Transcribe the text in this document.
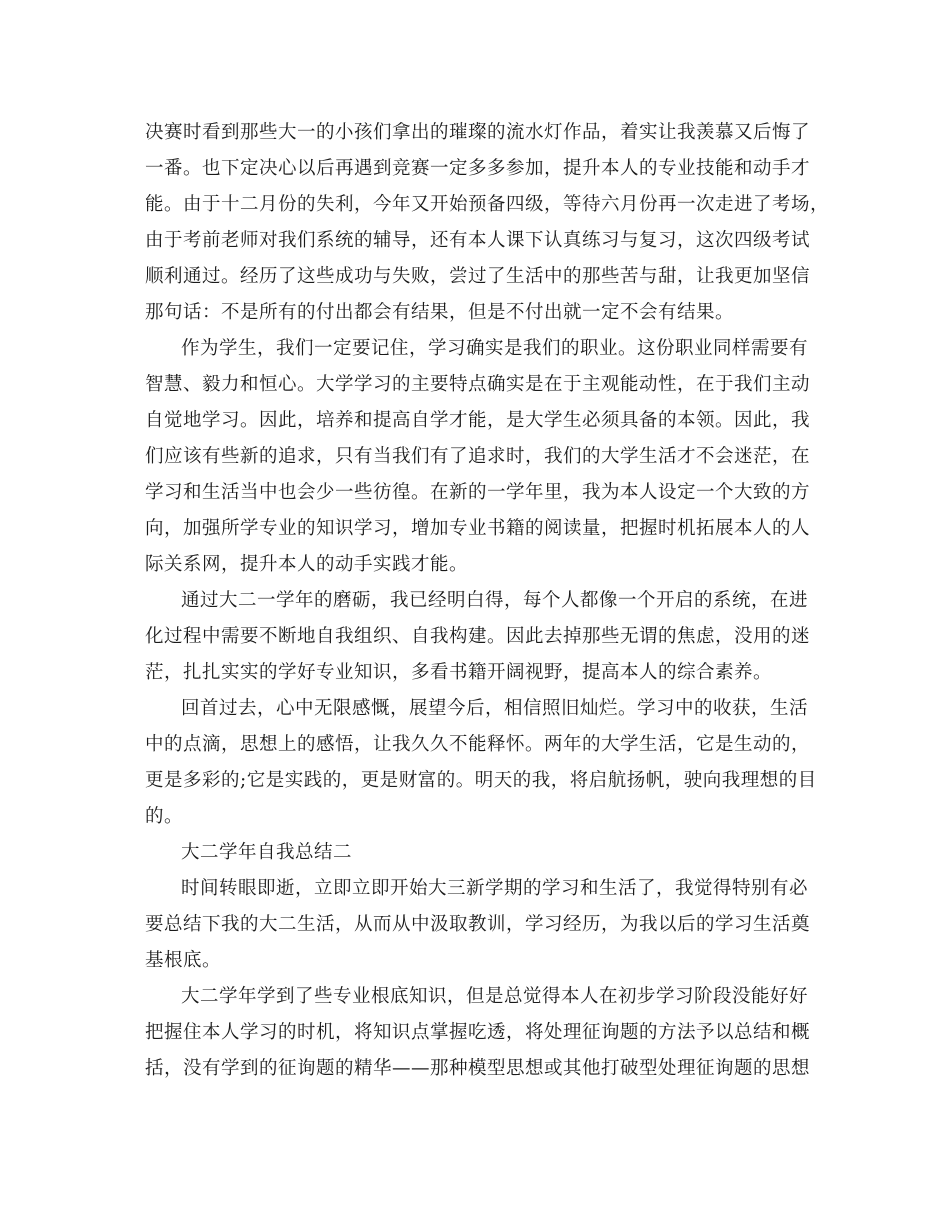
决赛时看到那些大一的小孩们拿出的璀璨的流水灯作品，着实让我羡慕又后悔了
一番。也下定决心以后再遇到竞赛一定多多参加，提升本人的专业技能和动手才
能。由于十二月份的失利，今年又开始预备四级，等待六月份再一次走进了考场，
由于考前老师对我们系统的辅导，还有本人课下认真练习与复习，这次四级考试
顺利通过。经历了这些成功与失败，尝过了生活中的那些苦与甜，让我更加坚信
那句话：不是所有的付出都会有结果，但是不付出就一定不会有结果。
作为学生，我们一定要记住，学习确实是我们的职业。这份职业同样需要有
智慧、毅力和恒心。大学学习的主要特点确实是在于主观能动性，在于我们主动
自觉地学习。因此，培养和提高自学才能，是大学生必须具备的本领。因此，我
们应该有些新的追求，只有当我们有了追求时，我们的大学生活才不会迷茫，在
学习和生活当中也会少一些彷徨。在新的一学年里，我为本人设定一个大致的方
向，加强所学专业的知识学习，增加专业书籍的阅读量，把握时机拓展本人的人
际关系网，提升本人的动手实践才能。
通过大二一学年的磨砺，我已经明白得，每个人都像一个开启的系统，在进
化过程中需要不断地自我组织、自我构建。因此去掉那些无谓的焦虑，没用的迷
茫，扎扎实实的学好专业知识，多看书籍开阔视野，提高本人的综合素养。
回首过去，心中无限感慨，展望今后，相信照旧灿烂。学习中的收获，生活
中的点滴，思想上的感悟，让我久久不能释怀。两年的大学生活，它是生动的，
更是多彩的;它是实践的，更是财富的。明天的我，将启航扬帆，驶向我理想的目
的。
大二学年自我总结二
时间转眼即逝，立即立即开始大三新学期的学习和生活了，我觉得特别有必
要总结下我的大二生活，从而从中汲取教训，学习经历，为我以后的学习生活奠
基根底。
大二学年学到了些专业根底知识，但是总觉得本人在初步学习阶段没能好好
把握住本人学习的时机，将知识点掌握吃透，将处理征询题的方法予以总结和概
括，没有学到的征询题的精华——那种模型思想或其他打破型处理征询题的思想
